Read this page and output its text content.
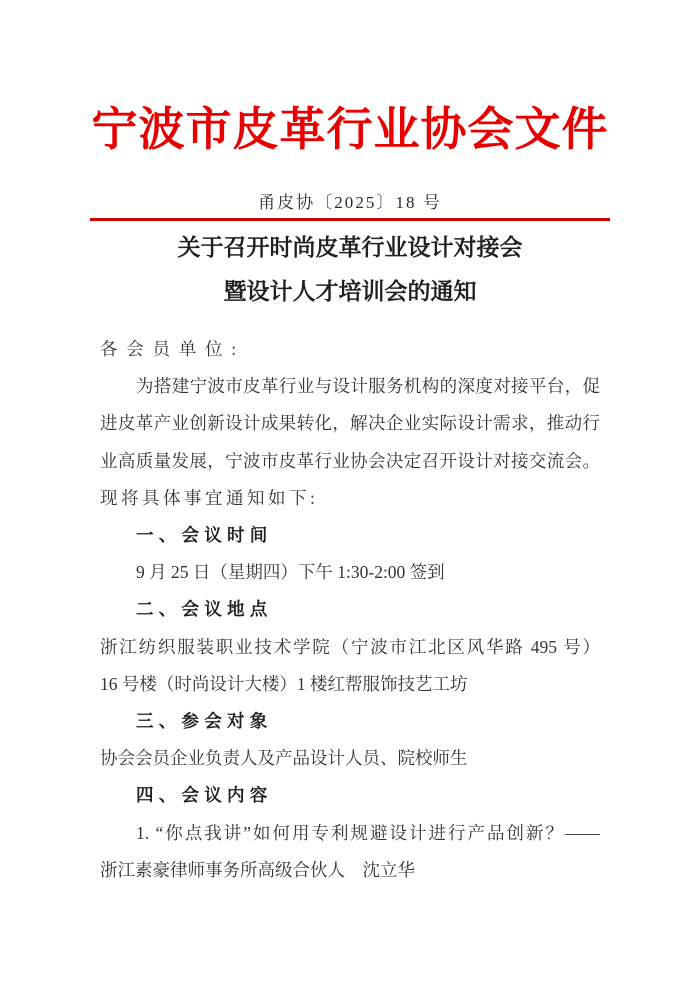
宁波市皮革行业协会文件
甬皮协〔2025〕18 号
关于召开时尚皮革行业设计对接会
暨设计人才培训会的通知
各会员单位:
为搭建宁波市皮革行业与设计服务机构的深度对接平台，促
进皮革产业创新设计成果转化，解决企业实际设计需求，推动行
业高质量发展，宁波市皮革行业协会决定召开设计对接交流会。
现将具体事宜通知如下:
一、会议时间
9 月 25 日（星期四）下午 1:30-2:00 签到
二、会议地点
浙江纺织服装职业技术学院（宁波市江北区风华路 495 号）
16 号楼（时尚设计大楼）1 楼红帮服饰技艺工坊
三、参会对象
协会会员企业负责人及产品设计人员、院校师生
四、会议内容
1. “你点我讲”如何用专利规避设计进行产品创新？——
浙江素豪律师事务所高级合伙人　沈立华
